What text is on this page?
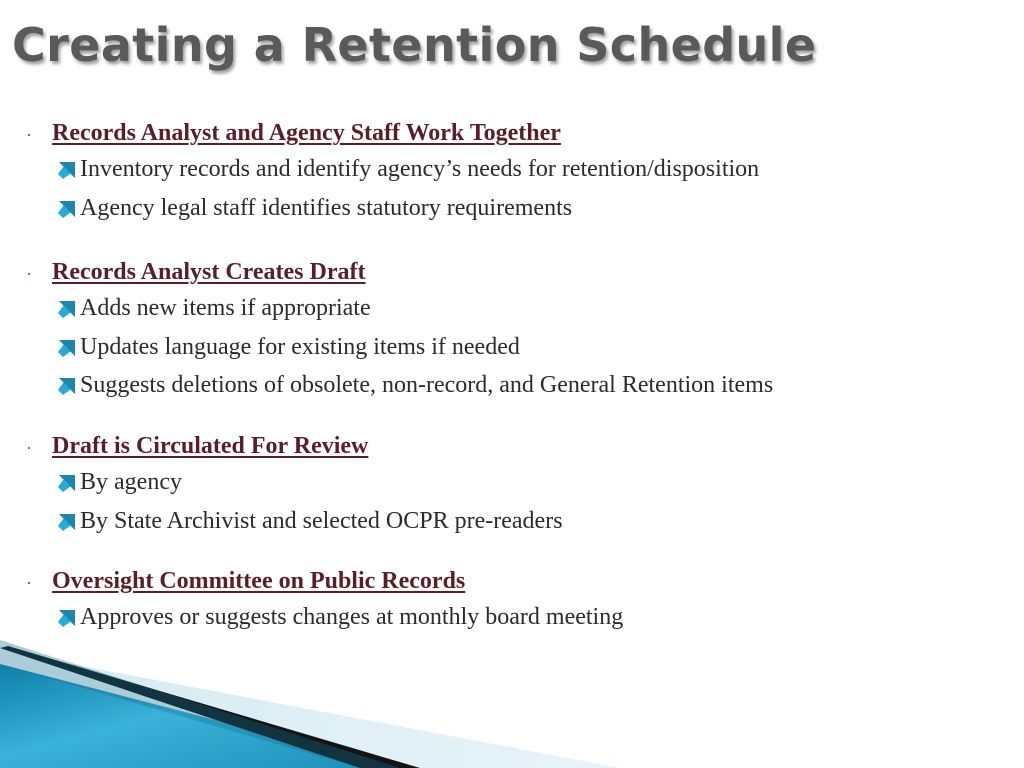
Creating a Retention Schedule
· Records Analyst and Agency Staff Work Together
Inventory records and identify agency’s needs for retention/disposition
Agency legal staff identifies statutory requirements
· Records Analyst Creates Draft
Adds new items if appropriate
Updates language for existing items if needed
Suggests deletions of obsolete, non-record, and General Retention items
· Draft is Circulated For Review
By agency
By State Archivist and selected OCPR pre-readers
· Oversight Committee on Public Records
Approves or suggests changes at monthly board meeting
